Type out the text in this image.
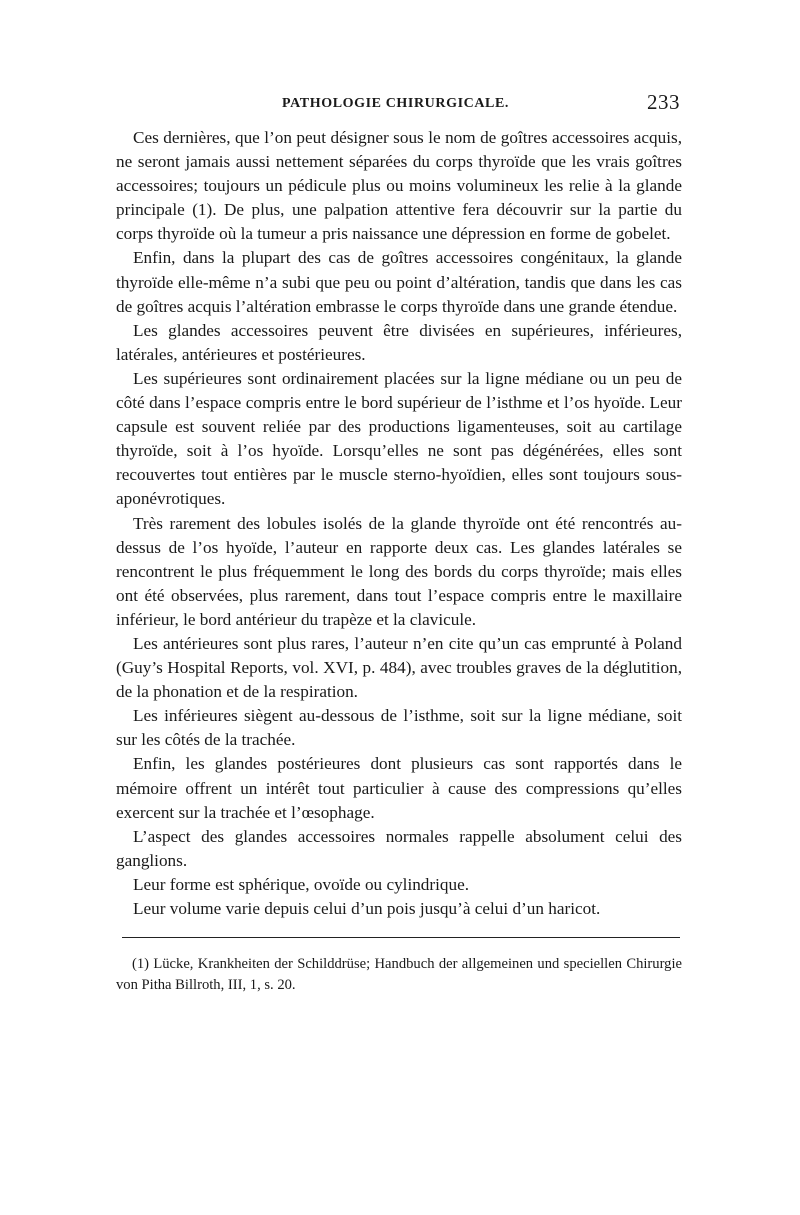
PATHOLOGIE CHIRURGICALE.	233

Ces dernières, que l’on peut désigner sous le nom de goîtres accessoires acquis, ne seront jamais aussi nettement séparées du corps thyroïde que les vrais goîtres accessoires; toujours un pédicule plus ou moins volumineux les relie à la glande principale (1). De plus, une palpation attentive fera découvrir sur la partie du corps thyroïde où la tumeur a pris naissance une dépression en forme de gobelet.

Enfin, dans la plupart des cas de goîtres accessoires congénitaux, la glande thyroïde elle-même n’a subi que peu ou point d’altération, tandis que dans les cas de goîtres acquis l’altération embrasse le corps thyroïde dans une grande étendue.

Les glandes accessoires peuvent être divisées en supérieures, inférieures, latérales, antérieures et postérieures.

Les supérieures sont ordinairement placées sur la ligne médiane ou un peu de côté dans l’espace compris entre le bord supérieur de l’isthme et l’os hyoïde. Leur capsule est souvent reliée par des productions ligamenteuses, soit au cartilage thyroïde, soit à l’os hyoïde. Lorsqu’elles ne sont pas dégénérées, elles sont recouvertes tout entières par le muscle sterno-hyoïdien, elles sont toujours sous-aponévrotiques.

Très rarement des lobules isolés de la glande thyroïde ont été rencontrés au-dessus de l’os hyoïde, l’auteur en rapporte deux cas. Les glandes latérales se rencontrent le plus fréquemment le long des bords du corps thyroïde; mais elles ont été observées, plus rarement, dans tout l’espace compris entre le maxillaire inférieur, le bord antérieur du trapèze et la clavicule.

Les antérieures sont plus rares, l’auteur n’en cite qu’un cas emprunté à Poland (Guy’s Hospital Reports, vol. XVI, p. 484), avec troubles graves de la déglutition, de la phonation et de la respiration.

Les inférieures siègent au-dessous de l’isthme, soit sur la ligne médiane, soit sur les côtés de la trachée.

Enfin, les glandes postérieures dont plusieurs cas sont rapportés dans le mémoire offrent un intérêt tout particulier à cause des compressions qu’elles exercent sur la trachée et l’œsophage.

L’aspect des glandes accessoires normales rappelle absolument celui des ganglions.

Leur forme est sphérique, ovoïde ou cylindrique.

Leur volume varie depuis celui d’un pois jusqu’à celui d’un haricot.

(1) Lücke, Krankheiten der Schilddrüse; Handbuch der allgemeinen und speciellen Chirurgie von Pitha Billroth, III, 1, s. 20.
